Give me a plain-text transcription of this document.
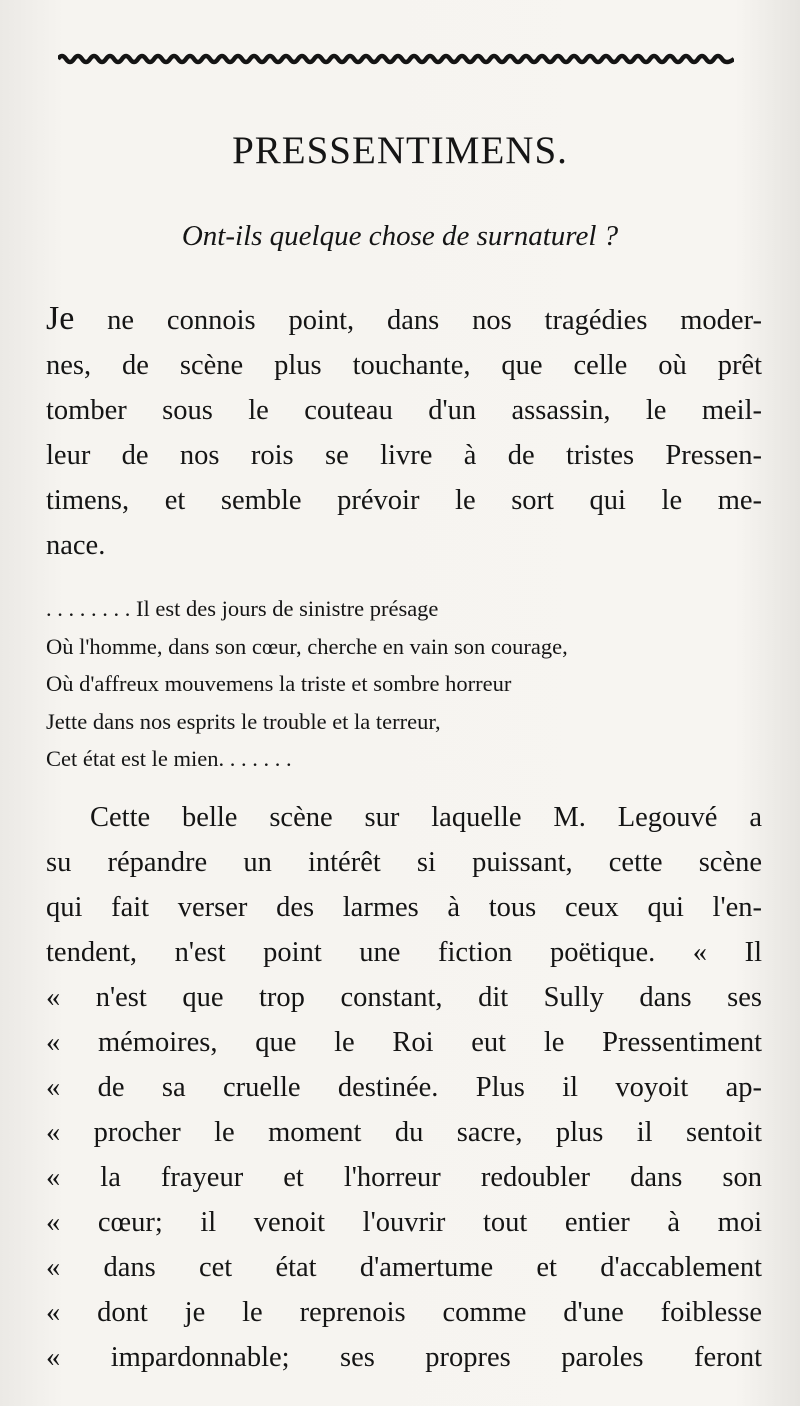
PRESSENTIMENS.
Ont-ils quelque chose de surnaturel ?
Je ne connois point, dans nos tragédies moder-
nes, de scène plus touchante, que celle où prêt
tomber sous le couteau d'un assassin, le meil-
leur de nos rois se livre à de tristes Pressen-
timens, et semble prévoir le sort qui le me-
nace.
. . . . . . . . Il est des jours de sinistre présage
Où l'homme, dans son cœur, cherche en vain son courage,
Où d'affreux mouvemens la triste et sombre horreur
Jette dans nos esprits le trouble et la terreur,
Cet état est le mien. . . . . . .
Cette belle scène sur laquelle M. Legouvé a
su répandre un intérêt si puissant, cette scène
qui fait verser des larmes à tous ceux qui l'en-
tendent, n'est point une fiction poëtique. « Il
« n'est que trop constant, dit Sully dans ses
« mémoires, que le Roi eut le Pressentiment
« de sa cruelle destinée. Plus il voyoit ap-
« procher le moment du sacre, plus il sentoit
« la frayeur et l'horreur redoubler dans son
« cœur; il venoit l'ouvrir tout entier à moi
« dans cet état d'amertume et d'accablement
« dont je le reprenois comme d'une foiblesse
« impardonnable; ses propres paroles feront
